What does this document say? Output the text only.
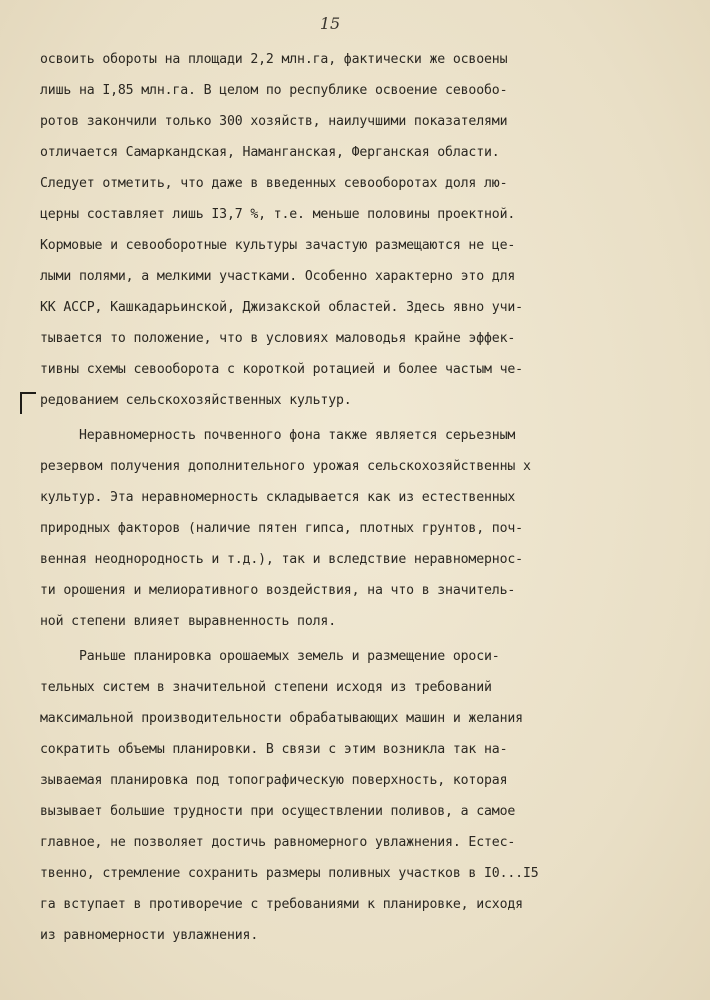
15
освоить обороты на площади 2,2 млн.га, фактически же освоены
лишь на I,85 млн.га. В целом по республике освоение севообо-
ротов закончили только 300 хозяйств, наилучшими показателями
отличается Самаркандская, Наманганская, Ферганская области.
Следует отметить, что даже в введенных севооборотах доля лю-
церны составляет лишь I3,7 %, т.е. меньше половины проектной.
Кормовые и севооборотные культуры зачастую размещаются не це-
лыми полями, а мелкими участками. Особенно характерно это для
КК АССР, Кашкадарьинской, Джизакской областей. Здесь явно учи-
тывается то положение, что в условиях маловодья крайне эффек-
тивны схемы севооборота с короткой ротацией и более частым че-
редованием сельскохозяйственных культур.
Неравномерность почвенного фона также является серьезным
резервом получения дополнительного урожая сельскохозяйственны х
культур. Эта неравномерность складывается как из естественных
природных факторов (наличие пятен гипса, плотных грунтов, поч-
венная неоднородность и т.д.), так и вследствие неравномернос-
ти орошения и мелиоративного воздействия, на что в значитель-
ной степени влияет выравненность поля.
Раньше планировка орошаемых земель и размещение ороси-
тельных систем в значительной степени исходя из требований
максимальной производительности обрабатывающих машин и желания
сократить объемы планировки. В связи с этим возникла так на-
зываемая планировка под топографическую поверхность, которая
вызывает большие трудности при осуществлении поливов, а самое
главное, не позволяет достичь равномерного увлажнения. Естес-
твенно, стремление сохранить размеры поливных участков в I0...I5
га вступает в противоречие с требованиями к планировке, исходя
из равномерности увлажнения.
